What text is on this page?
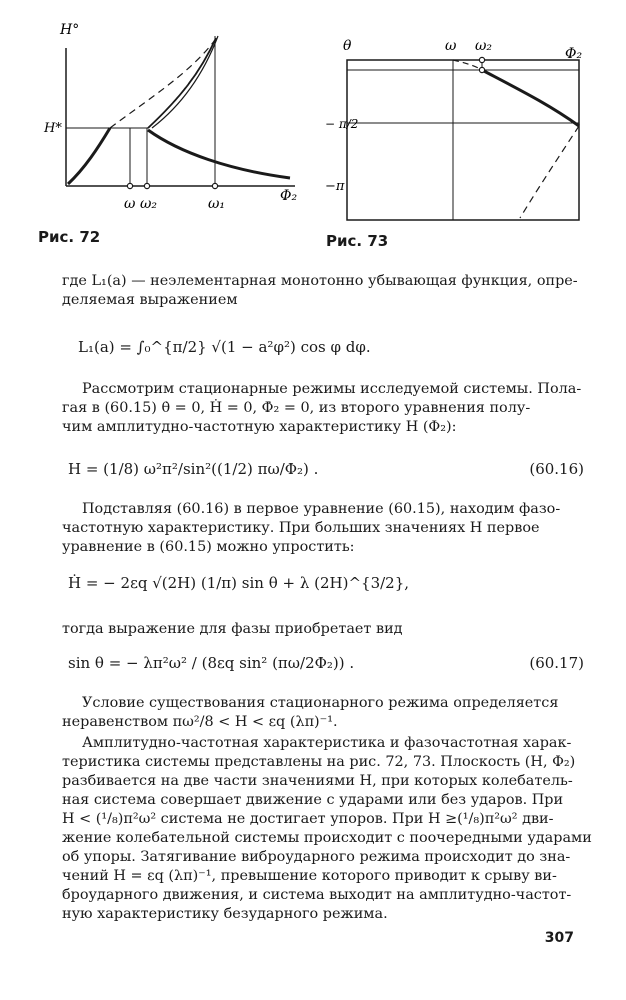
H°
H*
ω ω₂	ω₁	Φ₂
Рис. 72
θ	ω ω₂	Φ₂
− π/2
−π
Рис. 73
где L₁(a) — неэлементарная монотонно убывающая функция, опре-
деляемая выражением
L₁(a) = ∫₀^{π/2} √(1 − a²φ²) cos φ dφ.
Рассмотрим стационарные режимы исследуемой системы. Пола-
гая в (60.15) θ̇ = 0, Ḣ = 0, Φ̇₂ = 0, из второго уравнения полу-
чим амплитудно-частотную характеристику H (Φ₂):
H = (1/8) ω²π²/sin²((1/2) πω/Φ₂) .	(60.16)
Подставляя (60.16) в первое уравнение (60.15), находим фазо-
частотную характеристику. При больших значениях H первое
уравнение в (60.15) можно упростить:
Ḣ = − 2εq √(2H) (1/π) sin θ + λ (2H)^{3/2},
тогда выражение для фазы приобретает вид
sin θ = − λπ²ω² / (8εq sin² (πω/2Φ₂)) .	(60.17)
Условие существования стационарного режима определяется
неравенством πω²/8 < H < εq (λπ)⁻¹.
Амплитудно-частотная характеристика и фазочастотная харак-
теристика системы представлены на рис. 72, 73. Плоскость (H, Φ₂)
разбивается на две части значениями H, при которых колебатель-
ная система совершает движение с ударами или без ударов. При
H < (¹/₈)π²ω² система не достигает упоров. При H ≥(¹/₈)π²ω² дви-
жение колебательной системы происходит с поочередными ударами
об упоры. Затягивание виброударного режима происходит до зна-
чений H = εq (λπ)⁻¹, превышение которого приводит к срыву ви-
броударного движения, и система выходит на амплитудно-частот-
ную характеристику безударного режима.
307
